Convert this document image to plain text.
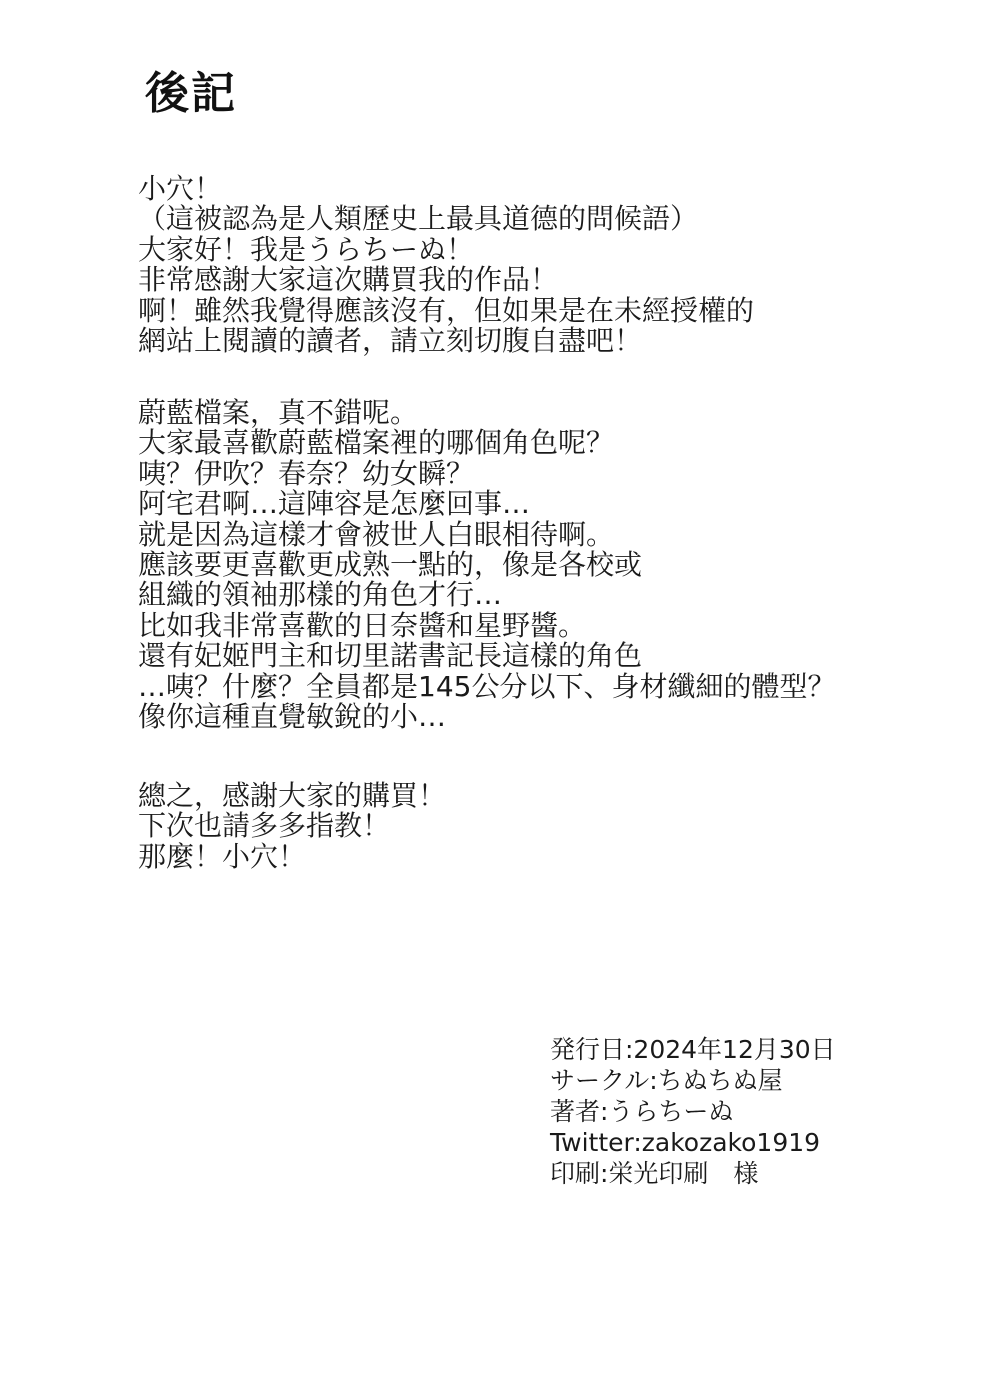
後記
小穴！
（這被認為是人類歷史上最具道德的問候語）
大家好！我是うらちーぬ！
非常感謝大家這次購買我的作品！
啊！雖然我覺得應該沒有，但如果是在未經授權的
網站上閱讀的讀者，請立刻切腹自盡吧！
蔚藍檔案，真不錯呢。
大家最喜歡蔚藍檔案裡的哪個角色呢？
咦？伊吹？春奈？幼女瞬？
阿宅君啊…這陣容是怎麼回事…
就是因為這樣才會被世人白眼相待啊。
應該要更喜歡更成熟一點的，像是各校或
組織的領袖那樣的角色才行…
比如我非常喜歡的日奈醬和星野醬。
還有妃姬門主和切里諾書記長這樣的角色
…咦？什麼？全員都是145公分以下、身材纖細的體型？
像你這種直覺敏銳的小…
總之，感謝大家的購買！
下次也請多多指教！
那麼！小穴！
発行日:2024年12月30日
サークル:ちぬちぬ屋
著者:うらちーぬ
Twitter:zakozako1919
印刷:栄光印刷　様
